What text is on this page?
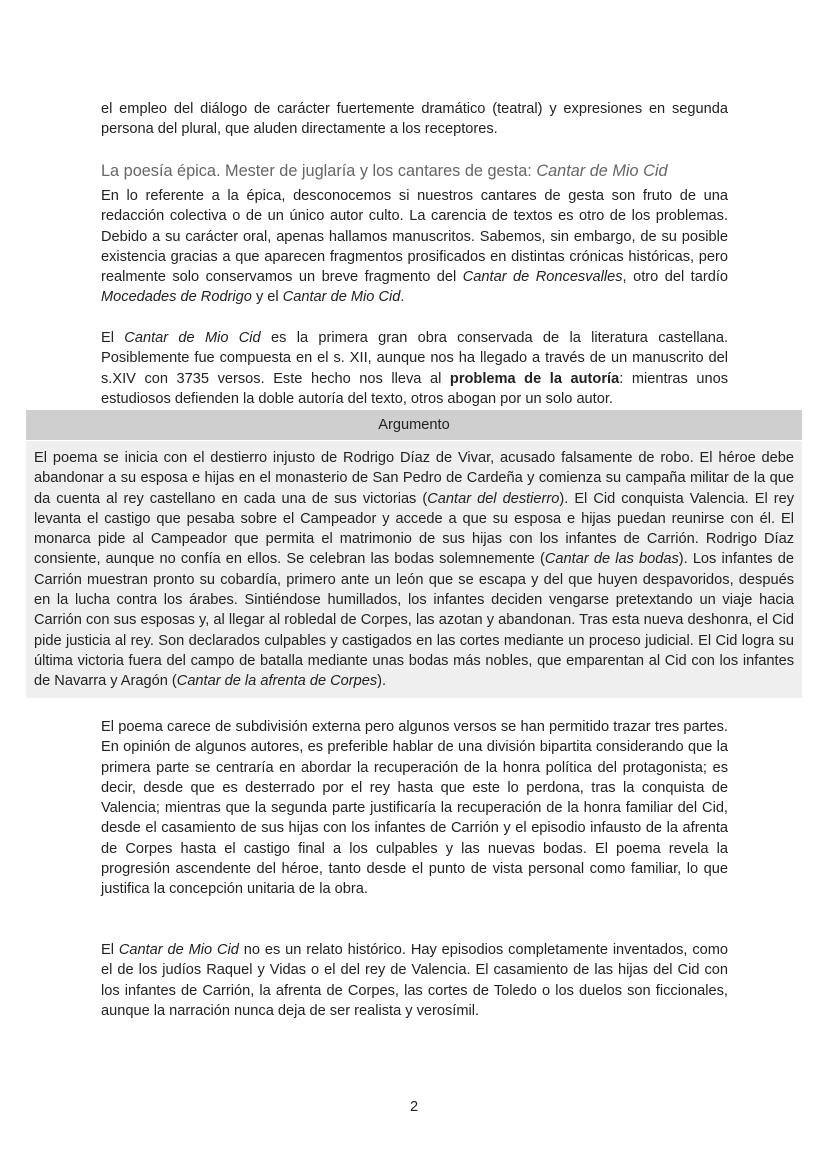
el empleo del diálogo de carácter fuertemente dramático (teatral) y expresiones en segunda persona del plural, que aluden directamente a los receptores.

La poesía épica. Mester de juglaría y los cantares de gesta: Cantar de Mio Cid

En lo referente a la épica, desconocemos si nuestros cantares de gesta son fruto de una redacción colectiva o de un único autor culto. La carencia de textos es otro de los problemas. Debido a su carácter oral, apenas hallamos manuscritos. Sabemos, sin embargo, de su posible existencia gracias a que aparecen fragmentos prosificados en distintas crónicas históricas, pero realmente solo conservamos un breve fragmento del Cantar de Roncesvalles, otro del tardío Mocedades de Rodrigo y el Cantar de Mio Cid.

El Cantar de Mio Cid es la primera gran obra conservada de la literatura castellana. Posiblemente fue compuesta en el s. XII, aunque nos ha llegado a través de un manuscrito del s.XIV con 3735 versos. Este hecho nos lleva al problema de la autoría: mientras unos estudiosos defienden la doble autoría del texto, otros abogan por un solo autor.

Argumento

El poema se inicia con el destierro injusto de Rodrigo Díaz de Vivar, acusado falsamente de robo. El héroe debe abandonar a su esposa e hijas en el monasterio de San Pedro de Cardeña y comienza su campaña militar de la que da cuenta al rey castellano en cada una de sus victorias (Cantar del destierro). El Cid conquista Valencia. El rey levanta el castigo que pesaba sobre el Campeador y accede a que su esposa e hijas puedan reunirse con él. El monarca pide al Campeador que permita el matrimonio de sus hijas con los infantes de Carrión. Rodrigo Díaz consiente, aunque no confía en ellos. Se celebran las bodas solemnemente (Cantar de las bodas). Los infantes de Carrión muestran pronto su cobardía, primero ante un león que se escapa y del que huyen despavoridos, después en la lucha contra los árabes. Sintiéndose humillados, los infantes deciden vengarse pretextando un viaje hacia Carrión con sus esposas y, al llegar al robledal de Corpes, las azotan y abandonan. Tras esta nueva deshonra, el Cid pide justicia al rey. Son declarados culpables y castigados en las cortes mediante un proceso judicial. El Cid logra su última victoria fuera del campo de batalla mediante unas bodas más nobles, que emparentan al Cid con los infantes de Navarra y Aragón (Cantar de la afrenta de Corpes).

El poema carece de subdivisión externa pero algunos versos se han permitido trazar tres partes. En opinión de algunos autores, es preferible hablar de una división bipartita considerando que la primera parte se centraría en abordar la recuperación de la honra política del protagonista; es decir, desde que es desterrado por el rey hasta que este lo perdona, tras la conquista de Valencia; mientras que la segunda parte justificaría la recuperación de la honra familiar del Cid, desde el casamiento de sus hijas con los infantes de Carrión y el episodio infausto de la afrenta de Corpes hasta el castigo final a los culpables y las nuevas bodas. El poema revela la progresión ascendente del héroe, tanto desde el punto de vista personal como familiar, lo que justifica la concepción unitaria de la obra.

El Cantar de Mio Cid no es un relato histórico. Hay episodios completamente inventados, como el de los judíos Raquel y Vidas o el del rey de Valencia. El casamiento de las hijas del Cid con los infantes de Carrión, la afrenta de Corpes, las cortes de Toledo o los duelos son ficcionales, aunque la narración nunca deja de ser realista y verosímil.

2
